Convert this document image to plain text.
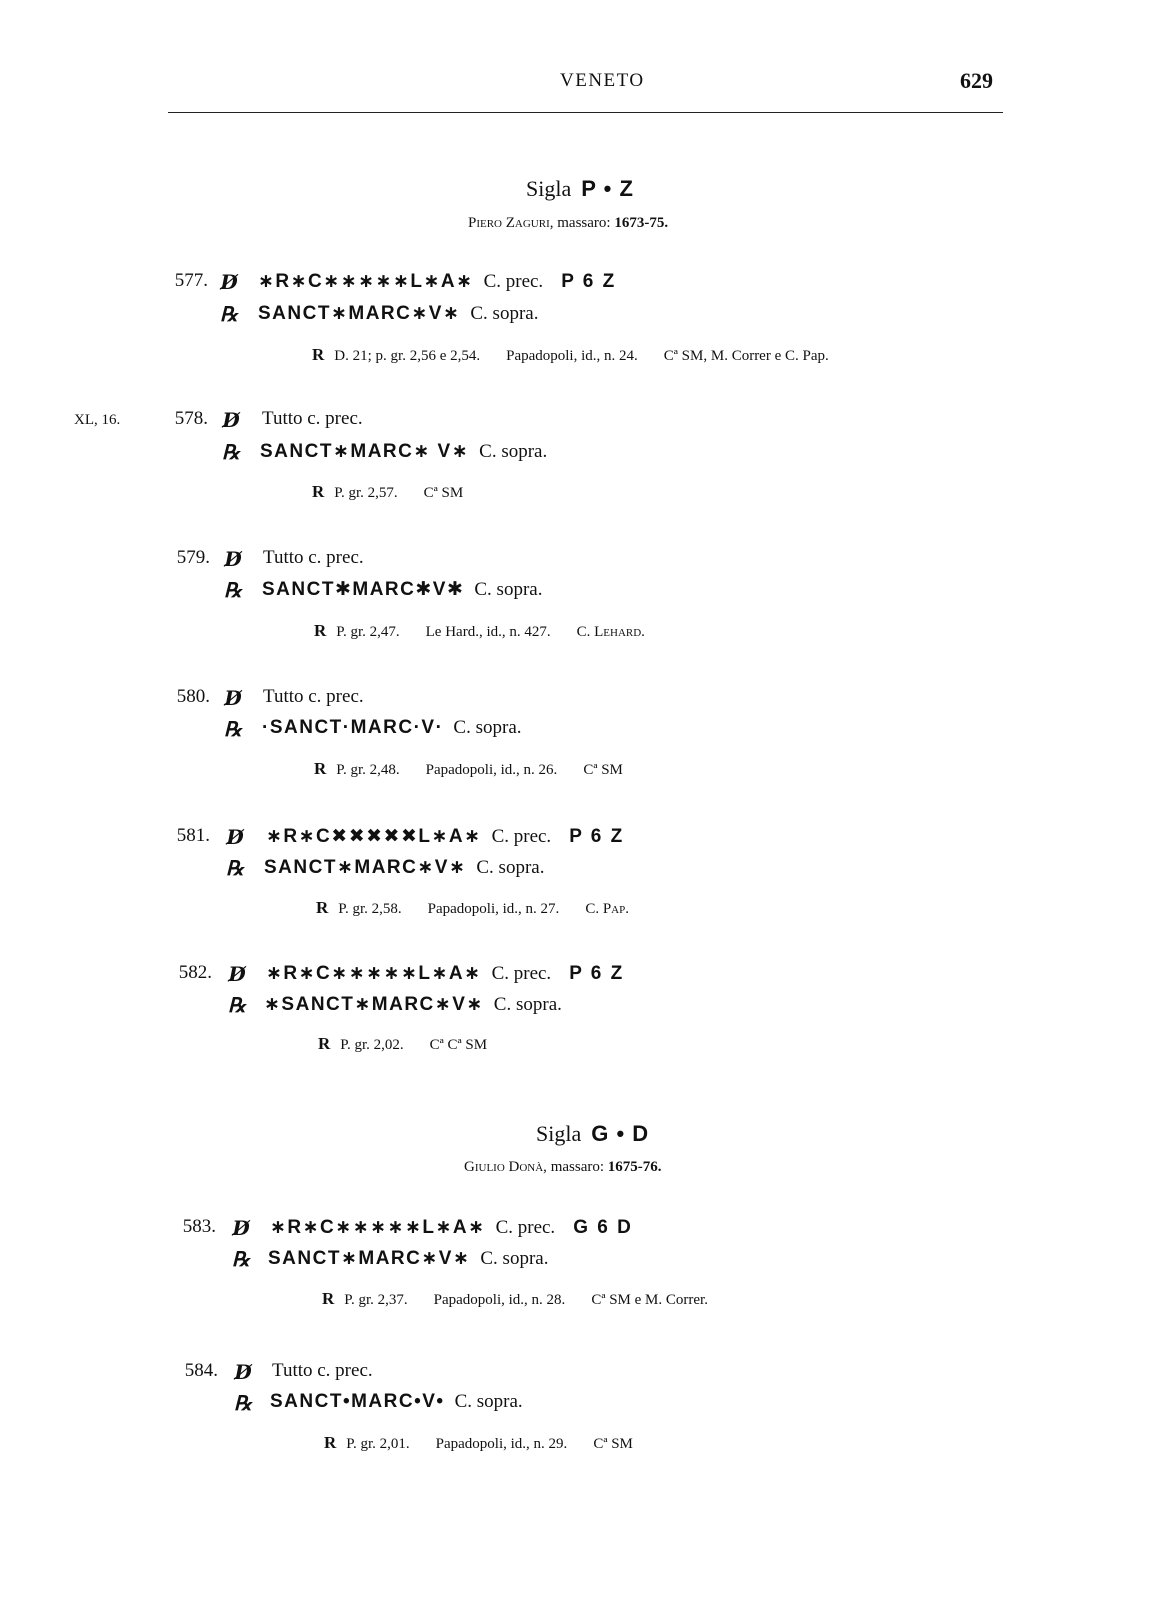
VENETO	629
Sigla P • Z
Piero Zaguri, massaro: 1673-75.
577. D̸ ∗R∗C∗∗∗∗∗L∗A∗ C. prec. P 6 Z
℞ SANCT∗MARC∗V∗ C. sopra.
R D. 21; p. gr. 2,56 e 2,54. Papadopoli, id., n. 24. Cª SM, M. Correr e C. Pap.
XL, 16.	578. D̸ Tutto c. prec.
℞ SANCT∗MARC∗ V∗ C. sopra.
R P. gr. 2,57. Cª SM
579. D̸ Tutto c. prec.
℞ SANCT✱MARC✱V✱ C. sopra.
R P. gr. 2,47. Le Hard., id., n. 427. C. Lehard.
580. D̸ Tutto c. prec.
℞ ·SANCT·MARC·V· C. sopra.
R P. gr. 2,48. Papadopoli, id., n. 26. Cª SM
581. D̸ ∗R∗C✖✖✖✖✖L∗A∗ C. prec. P 6 Z
℞ SANCT∗MARC∗V∗ C. sopra.
R P. gr. 2,58. Papadopoli, id., n. 27. C. Pap.
582. D̸ ∗R∗C∗∗∗∗∗L∗A∗ C. prec. P 6 Z
℞ ∗SANCT∗MARC∗V∗ C. sopra.
R P. gr. 2,02. Cª Cª SM
Sigla G • D
Giulio Donà, massaro: 1675-76.
583. D̸ ∗R∗C∗∗∗∗∗L∗A∗ C. prec. G 6 D
℞ SANCT∗MARC∗V∗ C. sopra.
R P. gr. 2,37. Papadopoli, id., n. 28. Cª SM e M. Correr.
584. D̸ Tutto c. prec.
℞ SANCT•MARC•V• C. sopra.
R P. gr. 2,01. Papadopoli, id., n. 29. Cª SM
